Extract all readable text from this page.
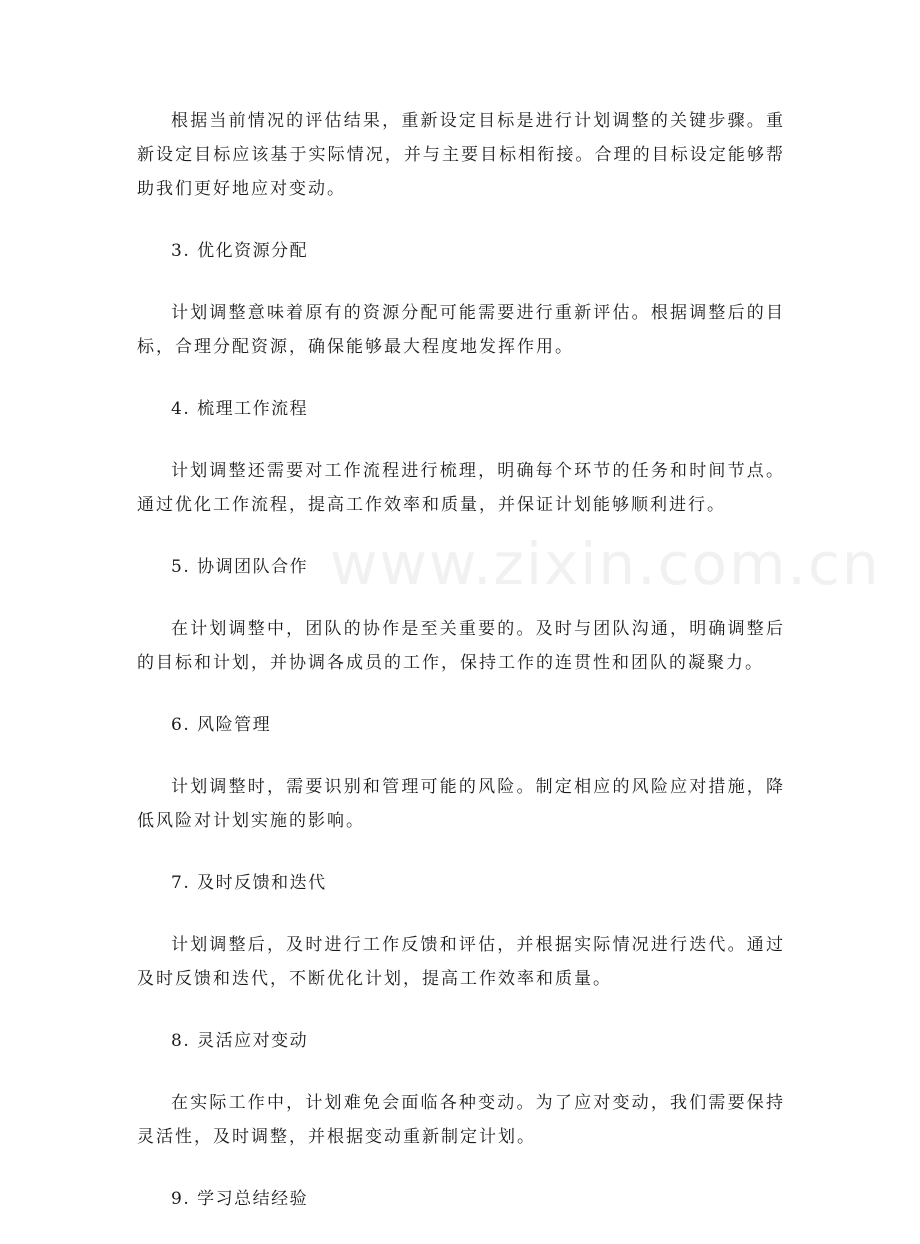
根据当前情况的评估结果，重新设定目标是进行计划调整的关键步骤。重新设定目标应该基于实际情况，并与主要目标相衔接。合理的目标设定能够帮助我们更好地应对变动。

3. 优化资源分配

计划调整意味着原有的资源分配可能需要进行重新评估。根据调整后的目标，合理分配资源，确保能够最大程度地发挥作用。

4. 梳理工作流程

计划调整还需要对工作流程进行梳理，明确每个环节的任务和时间节点。通过优化工作流程，提高工作效率和质量，并保证计划能够顺利进行。

5. 协调团队合作

在计划调整中，团队的协作是至关重要的。及时与团队沟通，明确调整后的目标和计划，并协调各成员的工作，保持工作的连贯性和团队的凝聚力。

6. 风险管理

计划调整时，需要识别和管理可能的风险。制定相应的风险应对措施，降低风险对计划实施的影响。

7. 及时反馈和迭代

计划调整后，及时进行工作反馈和评估，并根据实际情况进行迭代。通过及时反馈和迭代，不断优化计划，提高工作效率和质量。

8. 灵活应对变动

在实际工作中，计划难免会面临各种变动。为了应对变动，我们需要保持灵活性，及时调整，并根据变动重新制定计划。

9. 学习总结经验

www.zixin.com.cn
